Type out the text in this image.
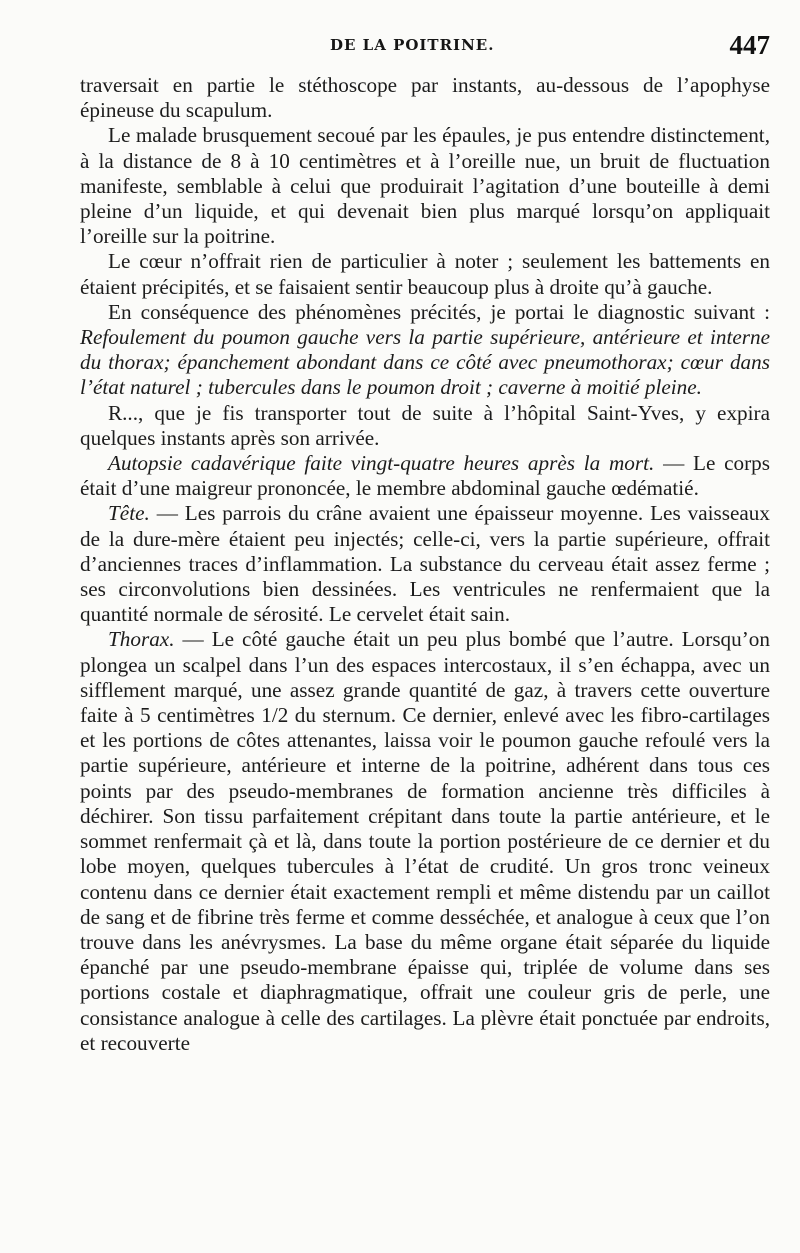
DE LA POITRINE.	447

traversait en partie le stéthoscope par instants, au-dessous de l’apophyse épineuse du scapulum.

Le malade brusquement secoué par les épaules, je pus entendre distinctement, à la distance de 8 à 10 centimètres et à l’oreille nue, un bruit de fluctuation manifeste, semblable à celui que produirait l’agitation d’une bouteille à demi pleine d’un liquide, et qui devenait bien plus marqué lorsqu’on appliquait l’oreille sur la poitrine.

Le cœur n’offrait rien de particulier à noter ; seulement les battements en étaient précipités, et se faisaient sentir beaucoup plus à droite qu’à gauche.

En conséquence des phénomènes précités, je portai le diagnostic suivant : Refoulement du poumon gauche vers la partie supérieure, antérieure et interne du thorax; épanchement abondant dans ce côté avec pneumothorax; cœur dans l’état naturel ; tubercules dans le poumon droit ; caverne à moitié pleine.

R..., que je fis transporter tout de suite à l’hôpital Saint-Yves, y expira quelques instants après son arrivée.

Autopsie cadavérique faite vingt-quatre heures après la mort. — Le corps était d’une maigreur prononcée, le membre abdominal gauche œdématié.

Tête. — Les parrois du crâne avaient une épaisseur moyenne. Les vaisseaux de la dure-mère étaient peu injectés; celle-ci, vers la partie supérieure, offrait d’anciennes traces d’inflammation. La substance du cerveau était assez ferme ; ses circonvolutions bien dessinées. Les ventricules ne renfermaient que la quantité normale de sérosité. Le cervelet était sain.

Thorax. — Le côté gauche était un peu plus bombé que l’autre. Lorsqu’on plongea un scalpel dans l’un des espaces intercostaux, il s’en échappa, avec un sifflement marqué, une assez grande quantité de gaz, à travers cette ouverture faite à 5 centimètres 1/2 du sternum. Ce dernier, enlevé avec les fibro-cartilages et les portions de côtes attenantes, laissa voir le poumon gauche refoulé vers la partie supérieure, antérieure et interne de la poitrine, adhérent dans tous ces points par des pseudo-membranes de formation ancienne très difficiles à déchirer. Son tissu parfaitement crépitant dans toute la partie antérieure, et le sommet renfermait çà et là, dans toute la portion postérieure de ce dernier et du lobe moyen, quelques tubercules à l’état de crudité. Un gros tronc veineux contenu dans ce dernier était exactement rempli et même distendu par un caillot de sang et de fibrine très ferme et comme desséchée, et analogue à ceux que l’on trouve dans les anévrysmes. La base du même organe était séparée du liquide épanché par une pseudo-membrane épaisse qui, triplée de volume dans ses portions costale et diaphragmatique, offrait une couleur gris de perle, une consistance analogue à celle des cartilages. La plèvre était ponctuée par endroits, et recouverte
